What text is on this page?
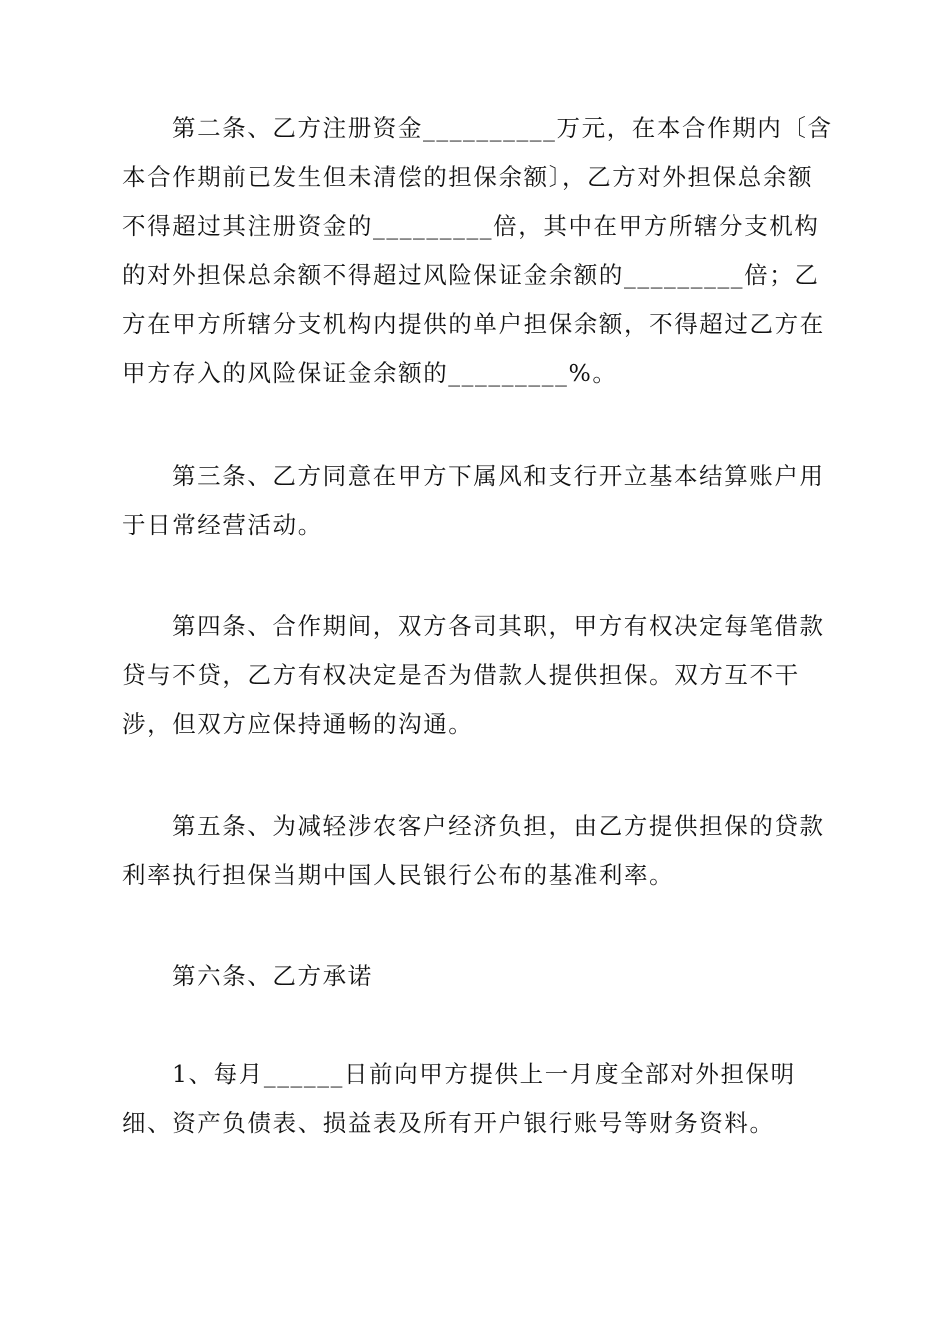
第二条、乙方注册资金__________万元，在本合作期内〔含本合作期前已发生但未清偿的担保余额〕，乙方对外担保总余额不得超过其注册资金的_________倍，其中在甲方所辖分支机构的对外担保总余额不得超过风险保证金余额的_________倍；乙方在甲方所辖分支机构内提供的单户担保余额，不得超过乙方在甲方存入的风险保证金余额的_________%。

第三条、乙方同意在甲方下属风和支行开立基本结算账户用于日常经营活动。

第四条、合作期间，双方各司其职，甲方有权决定每笔借款贷与不贷，乙方有权决定是否为借款人提供担保。双方互不干涉，但双方应保持通畅的沟通。

第五条、为减轻涉农客户经济负担，由乙方提供担保的贷款利率执行担保当期中国人民银行公布的基准利率。

第六条、乙方承诺

1、每月______日前向甲方提供上一月度全部对外担保明细、资产负债表、损益表及所有开户银行账号等财务资料。
